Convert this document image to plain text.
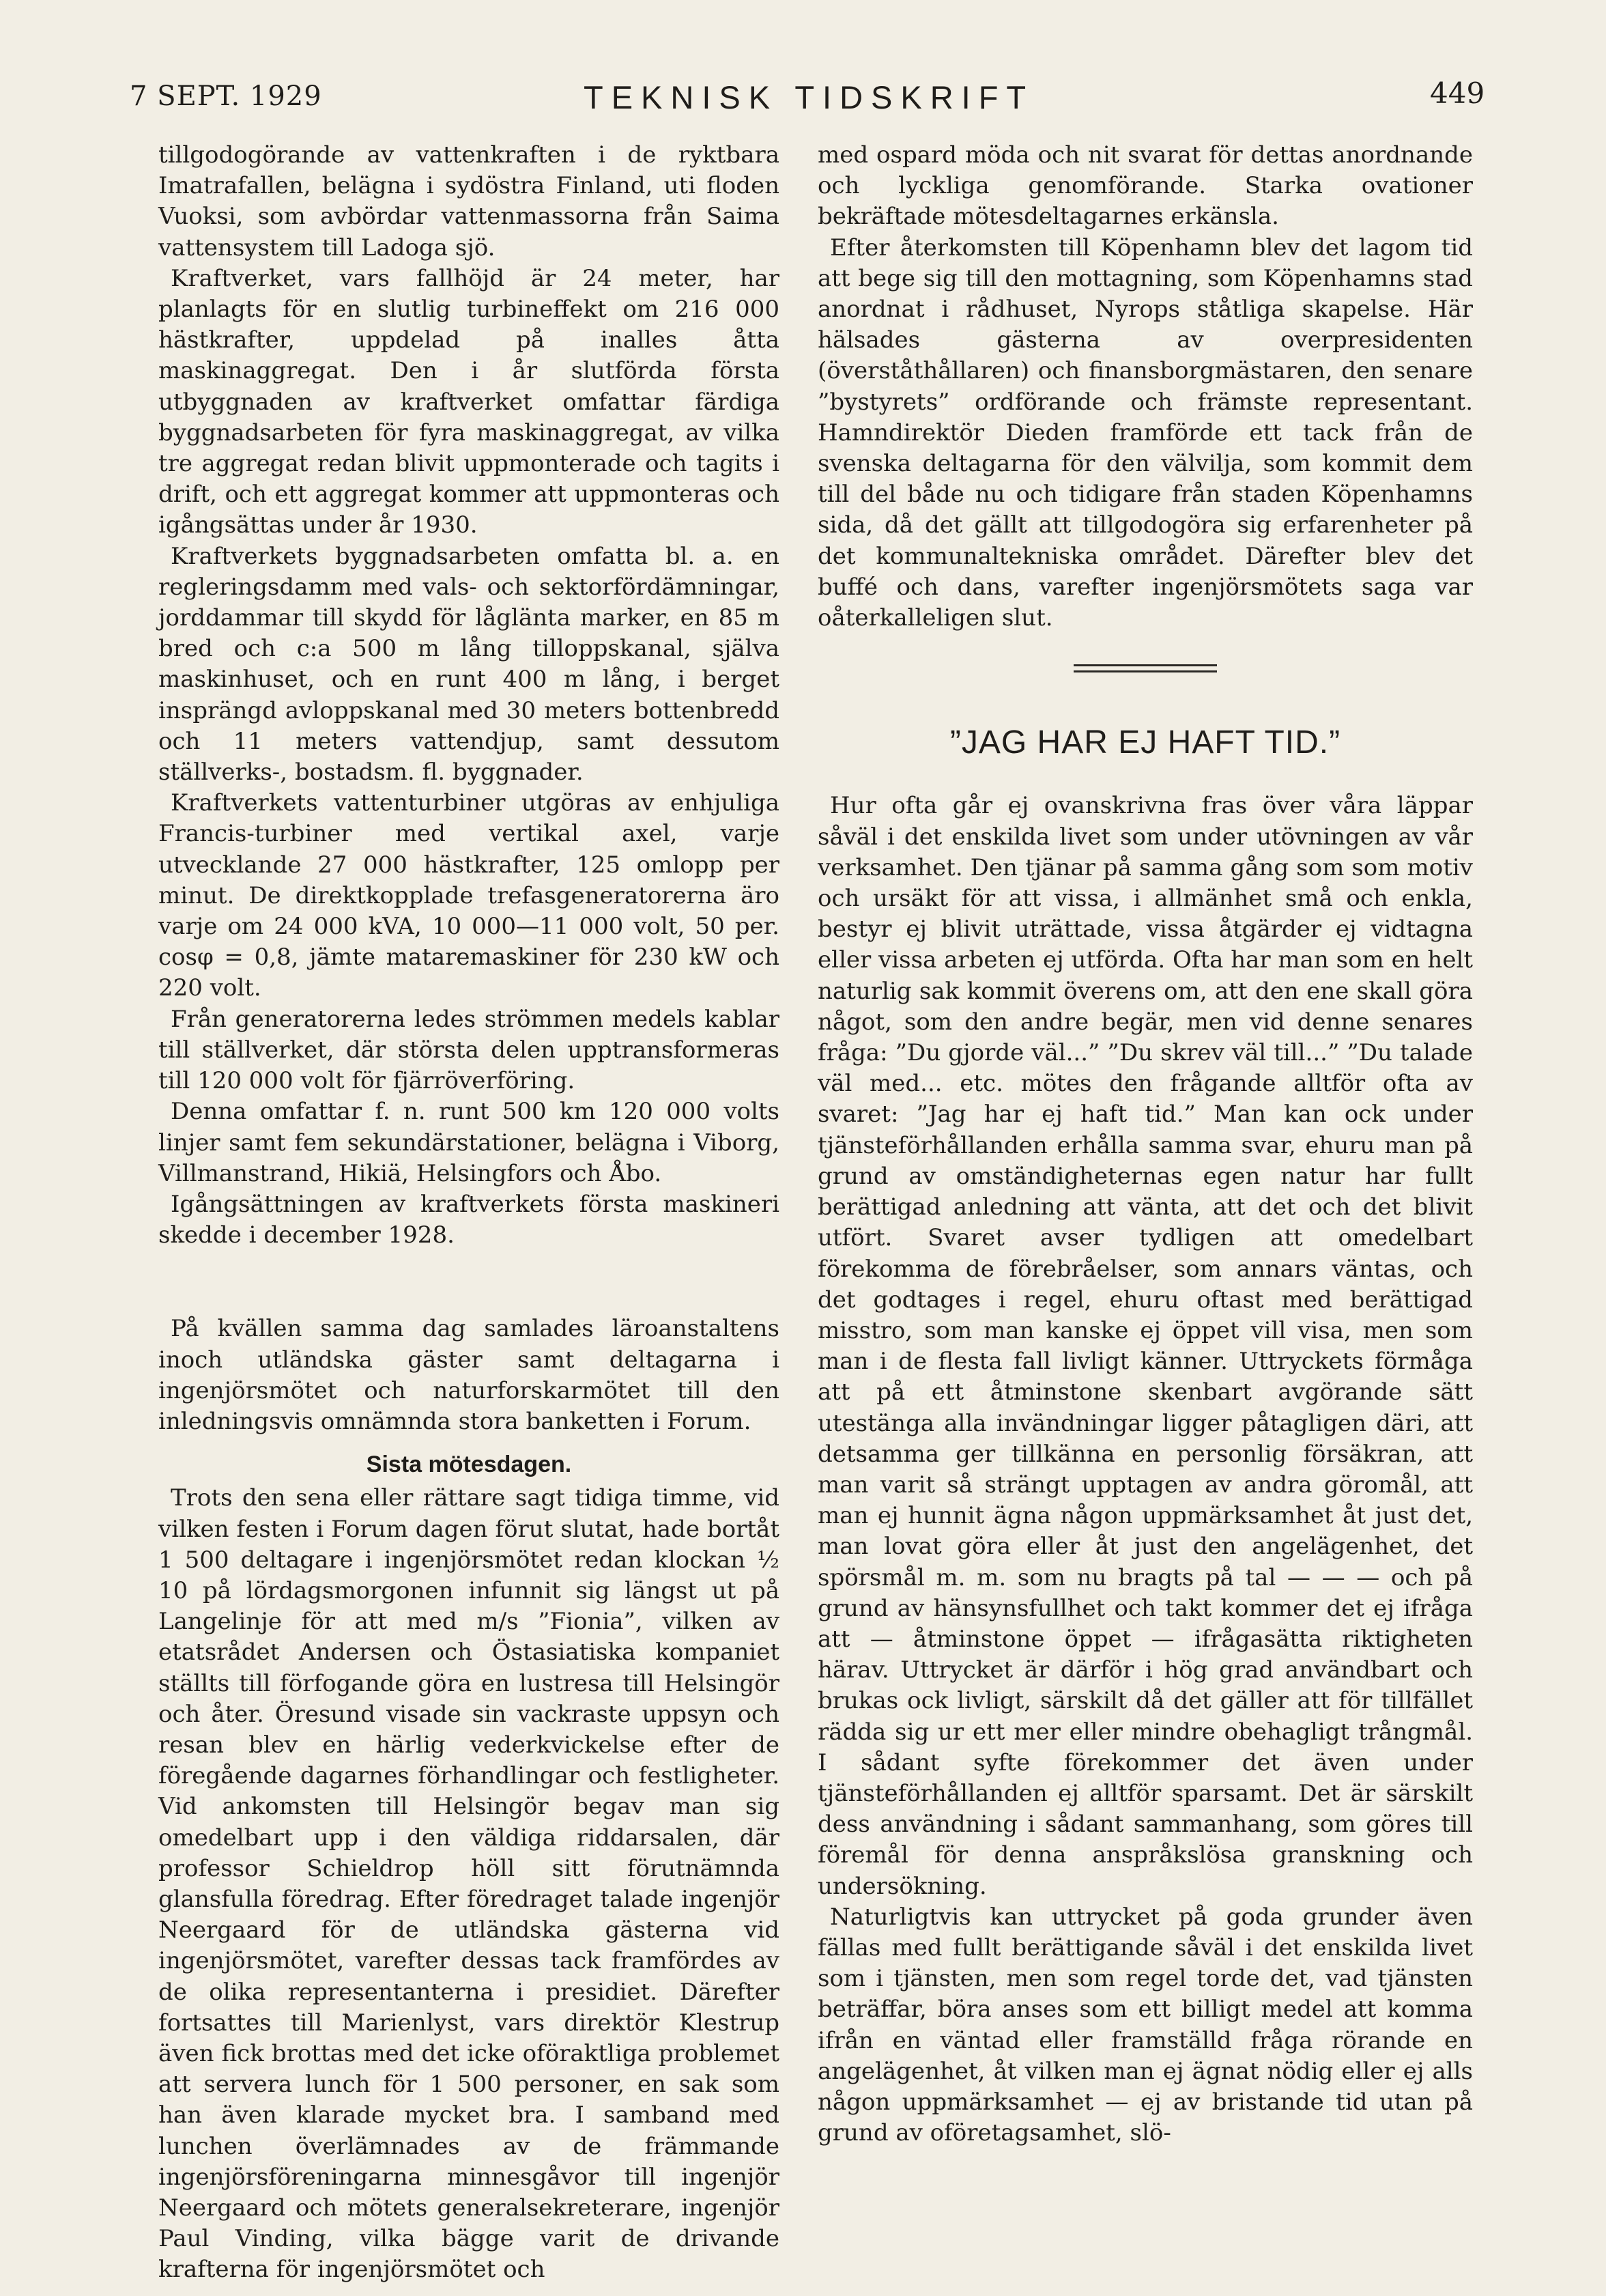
7 SEPT. 1929	TEKNISK TIDSKRIFT	449

tillgodogörande av vattenkraften i de ryktbara Imatrafallen, belägna i sydöstra Finland, uti floden Vuoksi, som avbördar vattenmassorna från Saima vattensystem till Ladoga sjö.

Kraftverket, vars fallhöjd är 24 meter, har planlagts för en slutlig turbineffekt om 216 000 hästkrafter, uppdelad på inalles åtta maskinaggregat. Den i år slutförda första utbyggnaden av kraftverket omfattar färdiga byggnadsarbeten för fyra maskinaggregat, av vilka tre aggregat redan blivit uppmonterade och tagits i drift, och ett aggregat kommer att uppmonteras och igångsättas under år 1930.

Kraftverkets byggnadsarbeten omfatta bl. a. en regleringsdamm med vals- och sektorfördämningar, jorddammar till skydd för låglänta marker, en 85 m bred och c:a 500 m lång tilloppskanal, själva maskinhuset, och en runt 400 m lång, i berget insprängd avloppskanal med 30 meters bottenbredd och 11 meters vattendjup, samt dessutom ställverks-, bostadsm. fl. byggnader.

Kraftverkets vattenturbiner utgöras av enhjuliga Francis-turbiner med vertikal axel, varje utvecklande 27 000 hästkrafter, 125 omlopp per minut. De direktkopplade trefasgeneratorerna äro varje om 24 000 kVA, 10 000—11 000 volt, 50 per. cosφ = 0,8, jämte mataremaskiner för 230 kW och 220 volt.

Från generatorerna ledes strömmen medels kablar till ställverket, där största delen upptransformeras till 120 000 volt för fjärröverföring.

Denna omfattar f. n. runt 500 km 120 000 volts linjer samt fem sekundärstationer, belägna i Viborg, Villmanstrand, Hikiä, Helsingfors och Åbo.

Igångsättningen av kraftverkets första maskineri skedde i december 1928.

På kvällen samma dag samlades läroanstaltens inoch utländska gäster samt deltagarna i ingenjörsmötet och naturforskarmötet till den inledningsvis omnämnda stora banketten i Forum.

Sista mötesdagen.

Trots den sena eller rättare sagt tidiga timme, vid vilken festen i Forum dagen förut slutat, hade bortåt 1 500 deltagare i ingenjörsmötet redan klockan ½ 10 på lördagsmorgonen infunnit sig längst ut på Langelinje för att med m/s ”Fionia”, vilken av etatsrådet Andersen och Östasiatiska kompaniet ställts till förfogande göra en lustresa till Helsingör och åter. Öresund visade sin vackraste uppsyn och resan blev en härlig vederkvickelse efter de föregående dagarnes förhandlingar och festligheter. Vid ankomsten till Helsingör begav man sig omedelbart upp i den väldiga riddarsalen, där professor Schieldrop höll sitt förutnämnda glansfulla föredrag. Efter föredraget talade ingenjör Neergaard för de utländska gästerna vid ingenjörsmötet, varefter dessas tack framfördes av de olika representanterna i presidiet. Därefter fortsattes till Marienlyst, vars direktör Klestrup även fick brottas med det icke oföraktliga problemet att servera lunch för 1 500 personer, en sak som han även klarade mycket bra. I samband med lunchen överlämnades av de främmande ingenjörsföreningarna minnesgåvor till ingenjör Neergaard och mötets generalsekreterare, ingenjör Paul Vinding, vilka bägge varit de drivande krafterna för ingenjörsmötet och

med ospard möda och nit svarat för dettas anordnande och lyckliga genomförande. Starka ovationer bekräftade mötesdeltagarnes erkänsla.

Efter återkomsten till Köpenhamn blev det lagom tid att bege sig till den mottagning, som Köpenhamns stad anordnat i rådhuset, Nyrops ståtliga skapelse. Här hälsades gästerna av overpresidenten (överståthållaren) och finansborgmästaren, den senare ”bystyrets” ordförande och främste representant. Hamndirektör Dieden framförde ett tack från de svenska deltagarna för den välvilja, som kommit dem till del både nu och tidigare från staden Köpenhamns sida, då det gällt att tillgodogöra sig erfarenheter på det kommunaltekniska området. Därefter blev det buffé och dans, varefter ingenjörsmötets saga var oåterkalleligen slut.

”JAG HAR EJ HAFT TID.”

Hur ofta går ej ovanskrivna fras över våra läppar såväl i det enskilda livet som under utövningen av vår verksamhet. Den tjänar på samma gång som som motiv och ursäkt för att vissa, i allmänhet små och enkla, bestyr ej blivit uträttade, vissa åtgärder ej vidtagna eller vissa arbeten ej utförda. Ofta har man som en helt naturlig sak kommit överens om, att den ene skall göra något, som den andre begär, men vid denne senares fråga: ”Du gjorde väl...” ”Du skrev väl till...” ”Du talade väl med... etc. mötes den frågande alltför ofta av svaret: ”Jag har ej haft tid.” Man kan ock under tjänsteförhållanden erhålla samma svar, ehuru man på grund av omständigheternas egen natur har fullt berättigad anledning att vänta, att det och det blivit utfört. Svaret avser tydligen att omedelbart förekomma de förebråelser, som annars väntas, och det godtages i regel, ehuru oftast med berättigad misstro, som man kanske ej öppet vill visa, men som man i de flesta fall livligt känner. Uttryckets förmåga att på ett åtminstone skenbart avgörande sätt utestänga alla invändningar ligger påtagligen däri, att detsamma ger tillkänna en personlig försäkran, att man varit så strängt upptagen av andra göromål, att man ej hunnit ägna någon uppmärksamhet åt just det, man lovat göra eller åt just den angelägenhet, det spörsmål m. m. som nu bragts på tal — — — och på grund av hänsynsfullhet och takt kommer det ej ifråga att — åtminstone öppet — ifrågasätta riktigheten härav. Uttrycket är därför i hög grad användbart och brukas ock livligt, särskilt då det gäller att för tillfället rädda sig ur ett mer eller mindre obehagligt trångmål. I sådant syfte förekommer det även under tjänsteförhållanden ej alltför sparsamt. Det är särskilt dess användning i sådant sammanhang, som göres till föremål för denna anspråkslösa granskning och undersökning.

Naturligtvis kan uttrycket på goda grunder även fällas med fullt berättigande såväl i det enskilda livet som i tjänsten, men som regel torde det, vad tjänsten beträffar, böra anses som ett billigt medel att komma ifrån en väntad eller framställd fråga rörande en angelägenhet, åt vilken man ej ägnat nödig eller ej alls någon uppmärksamhet — ej av bristande tid utan på grund av oföretagsamhet, slö-
